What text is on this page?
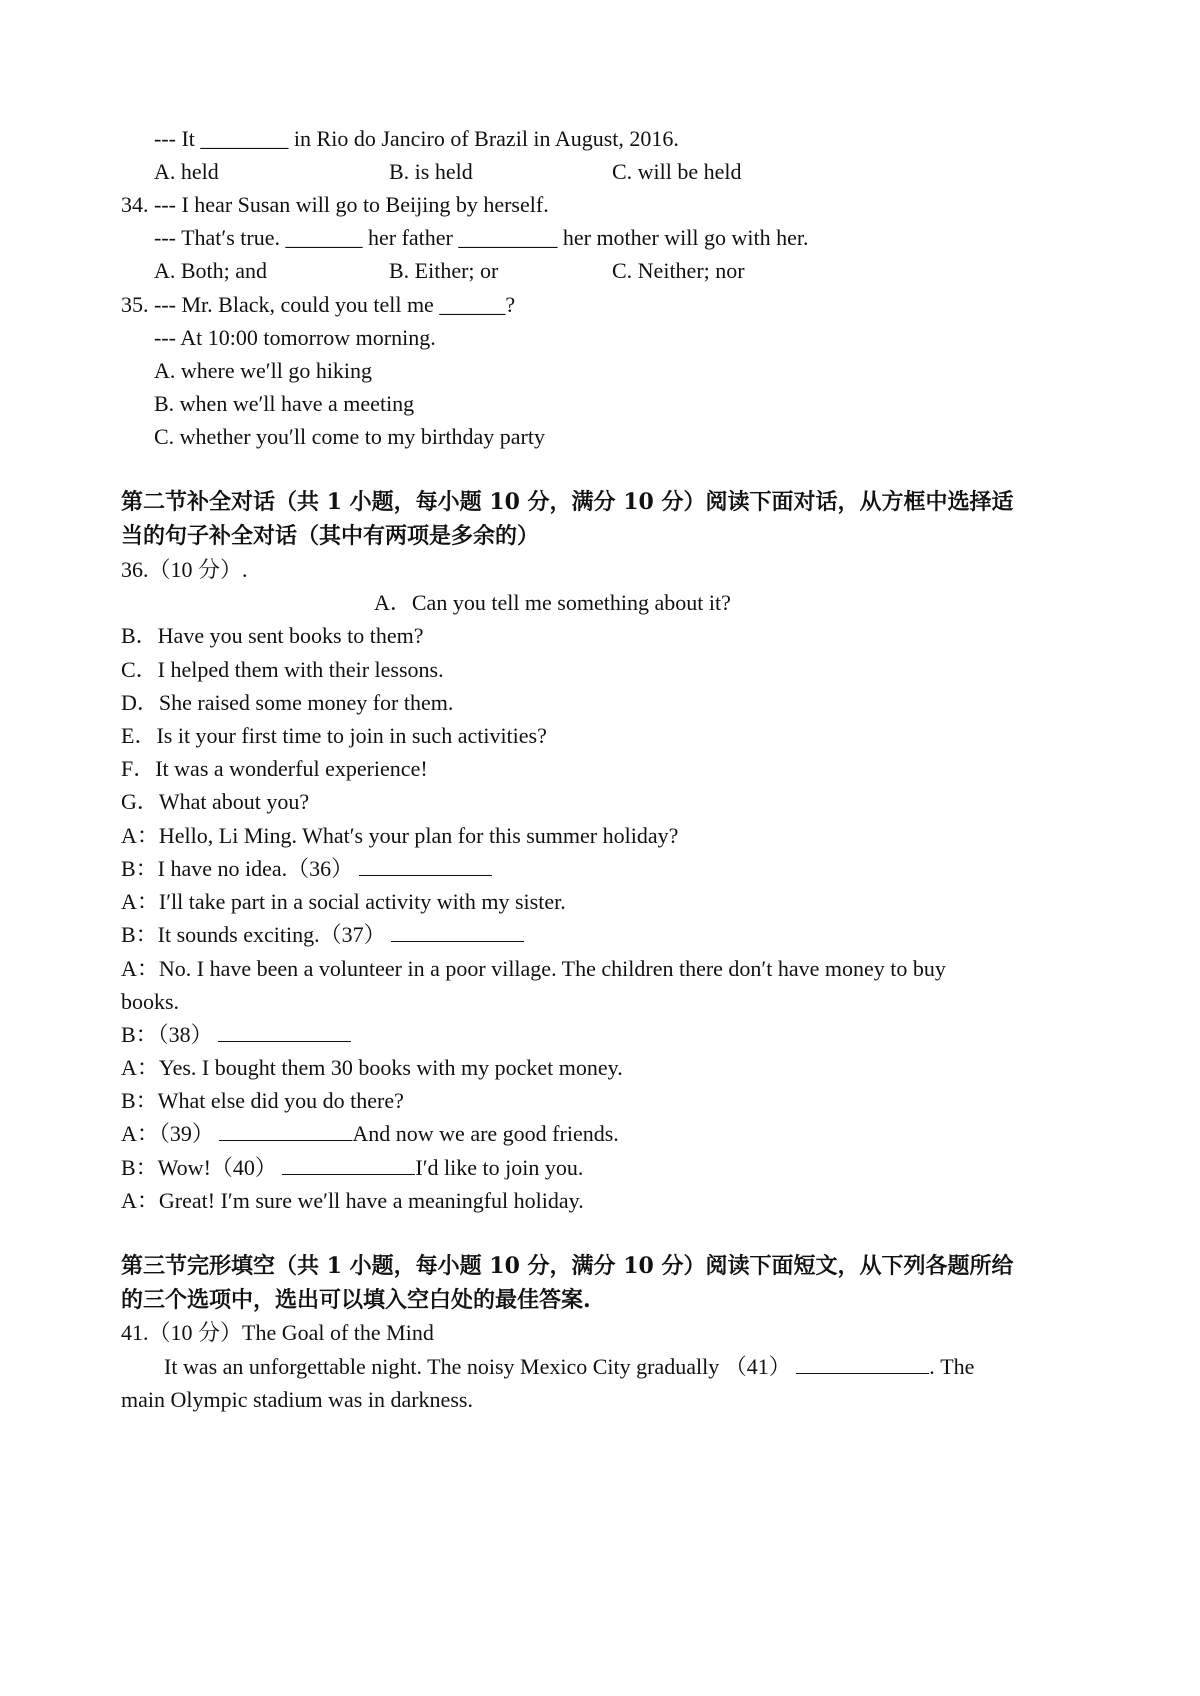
--- It ________ in Rio do Janciro of Brazil in August, 2016.
A. held	B. is held	C. will be held
34. --- I hear Susan will go to Beijing by herself.
--- That′s true. _______ her father _________ her mother will go with her.
A. Both; and	B. Either; or	C. Neither; nor
35. --- Mr. Black, could you tell me ______?
--- At 10:00 tomorrow morning.
A. where we′ll go hiking
B. when we′ll have a meeting
C. whether you′ll come to my birthday party
第二节补全对话（共 1 小题，每小题 10 分，满分 10 分）阅读下面对话，从方框中选择适
当的句子补全对话（其中有两项是多余的）
36.（10 分）.
A．Can you tell me something about it?
B．Have you sent books to them?
C．I helped them with their lessons.
D．She raised some money for them.
E．Is it your first time to join in such activities?
F．It was a wonderful experience!
G．What about you?
A：Hello, Li Ming. What′s your plan for this summer holiday?
B：I have no idea.（36）
A：I′ll take part in a social activity with my sister.
B：It sounds exciting.（37）
A：No. I have been a volunteer in a poor village. The children there don′t have money to buy
books.
B：（38）
A：Yes. I bought them 30 books with my pocket money.
B：What else did you do there?
A：（39）	And now we are good friends.
B：Wow!（40）	I′d like to join you.
A：Great! I′m sure we′ll have a meaningful holiday.
第三节完形填空（共 1 小题，每小题 10 分，满分 10 分）阅读下面短文，从下列各题所给
的三个选项中，选出可以填入空白处的最佳答案.
41.（10 分）The Goal of the Mind
It was an unforgettable night. The noisy Mexico City gradually （41）	. The
main Olympic stadium was in darkness.
